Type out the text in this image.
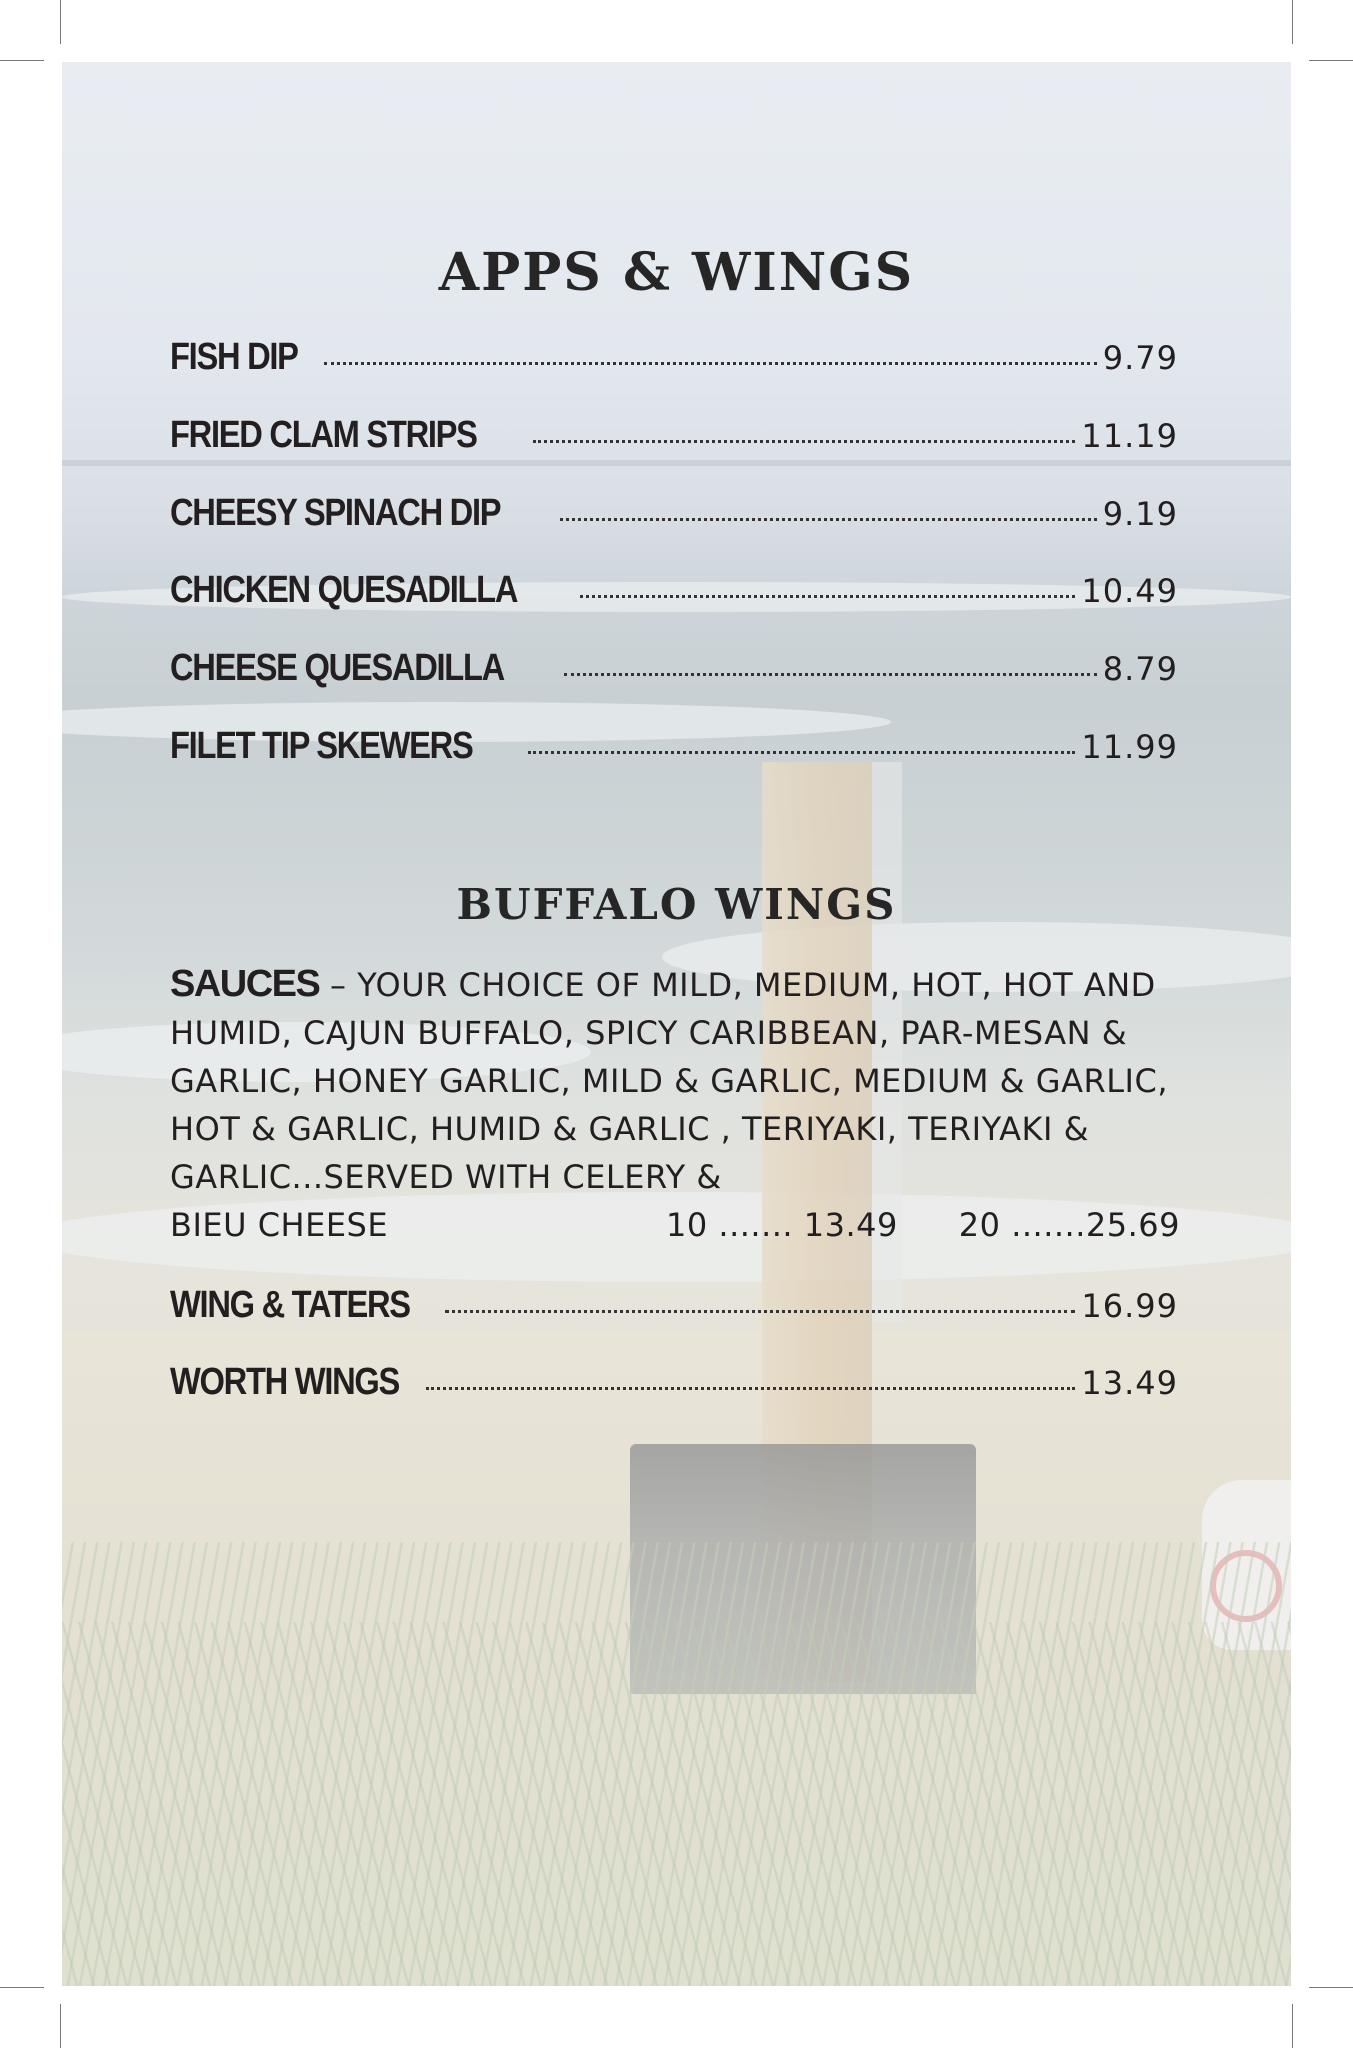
APPS & WINGS
FISH DIP	9.79
FRIED CLAM STRIPS	11.19
CHEESY SPINACH DIP	9.19
CHICKEN QUESADILLA	10.49
CHEESE QUESADILLA	8.79
FILET TIP SKEWERS	11.99
BUFFALO WINGS
SAUCES – YOUR CHOICE OF MILD, MEDIUM, HOT, HOT AND HUMID, CAJUN BUFFALO, SPICY CARIBBEAN, PAR-MESAN & GARLIC, HONEY GARLIC, MILD & GARLIC, MEDIUM & GARLIC, HOT & GARLIC, HUMID & GARLIC , TERIYAKI, TERIYAKI & GARLIC...SERVED WITH CELERY &
BIEU CHEESE	10 ....... 13.49 20 .......25.69
WING & TATERS	16.99
WORTH WINGS	13.49
